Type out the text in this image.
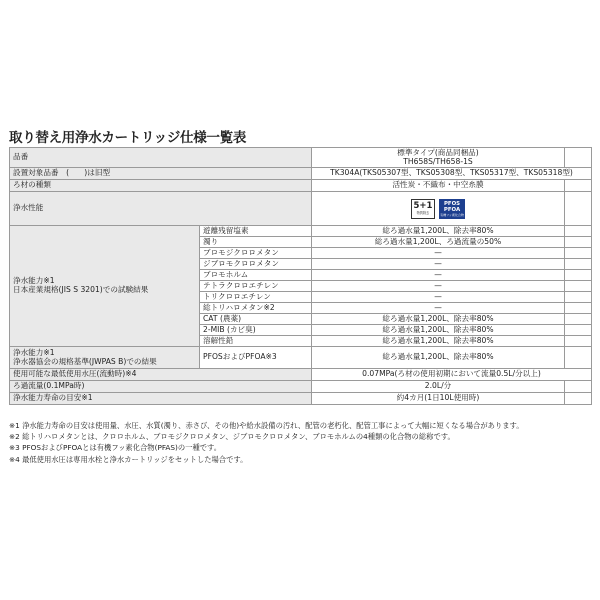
取り替え用浄水カートリッジ仕様一覧表
品番		標準タイプ(商品同梱品)
TH658S/TH658-1S	

設置対象品番　(　　)は旧型		TK304A(TKS05307型、TKS05308型、TKS05317型、TKS05318型)	
ろ材の種類		活性炭・不織布・中空糸膜	
浄水性能		5+1
物質除去
PFOS
PFOA
有機フッ素化合物	

浄水能力※1
日本産業規格(JIS S 3201)での試験結果	遊離残留塩素	総ろ過水量1,200L、除去率80%	
	濁り	総ろ過水量1,200L、ろ過流量の50%	
	ブロモジクロロメタン	—	
	ジブロモクロロメタン	—	
	ブロモホルム	—	
	テトラクロロエチレン	—	
	トリクロロエチレン	—	
	総トリハロメタン※2	—	
	CAT (農薬)	総ろ過水量1,200L、除去率80%	
	2-MIB (カビ臭)	総ろ過水量1,200L、除去率80%	
	溶解性鉛	総ろ過水量1,200L、除去率80%	

浄水能力※1
浄水器協会の規格基準(JWPAS B)での結果	PFOSおよびPFOA※3	総ろ過水量1,200L、除去率80%	
使用可能な最低使用水圧(流動時)※4		0.07MPa(ろ材の使用初期において流量0.5L/分以上)	
ろ過流量(0.1MPa時)		2.0L/分	
浄水能力寿命の目安※1		約4カ月(1日10L使用時)	
※1 浄水能力寿命の目安は使用量、水圧、水質(濁り、赤さび、その他)や給水設備の汚れ、配管の老朽化、配管工事によって大幅に短くなる場合があります。
※2 総トリハロメタンとは、クロロホルム、ブロモジクロロメタン、ジブロモクロロメタン、ブロモホルムの4種類の化合物の総称です。
※3 PFOSおよびPFOAとは有機フッ素化合物(PFAS)の一種です。
※4 最低使用水圧は専用水栓と浄水カートリッジをセットした場合です。
